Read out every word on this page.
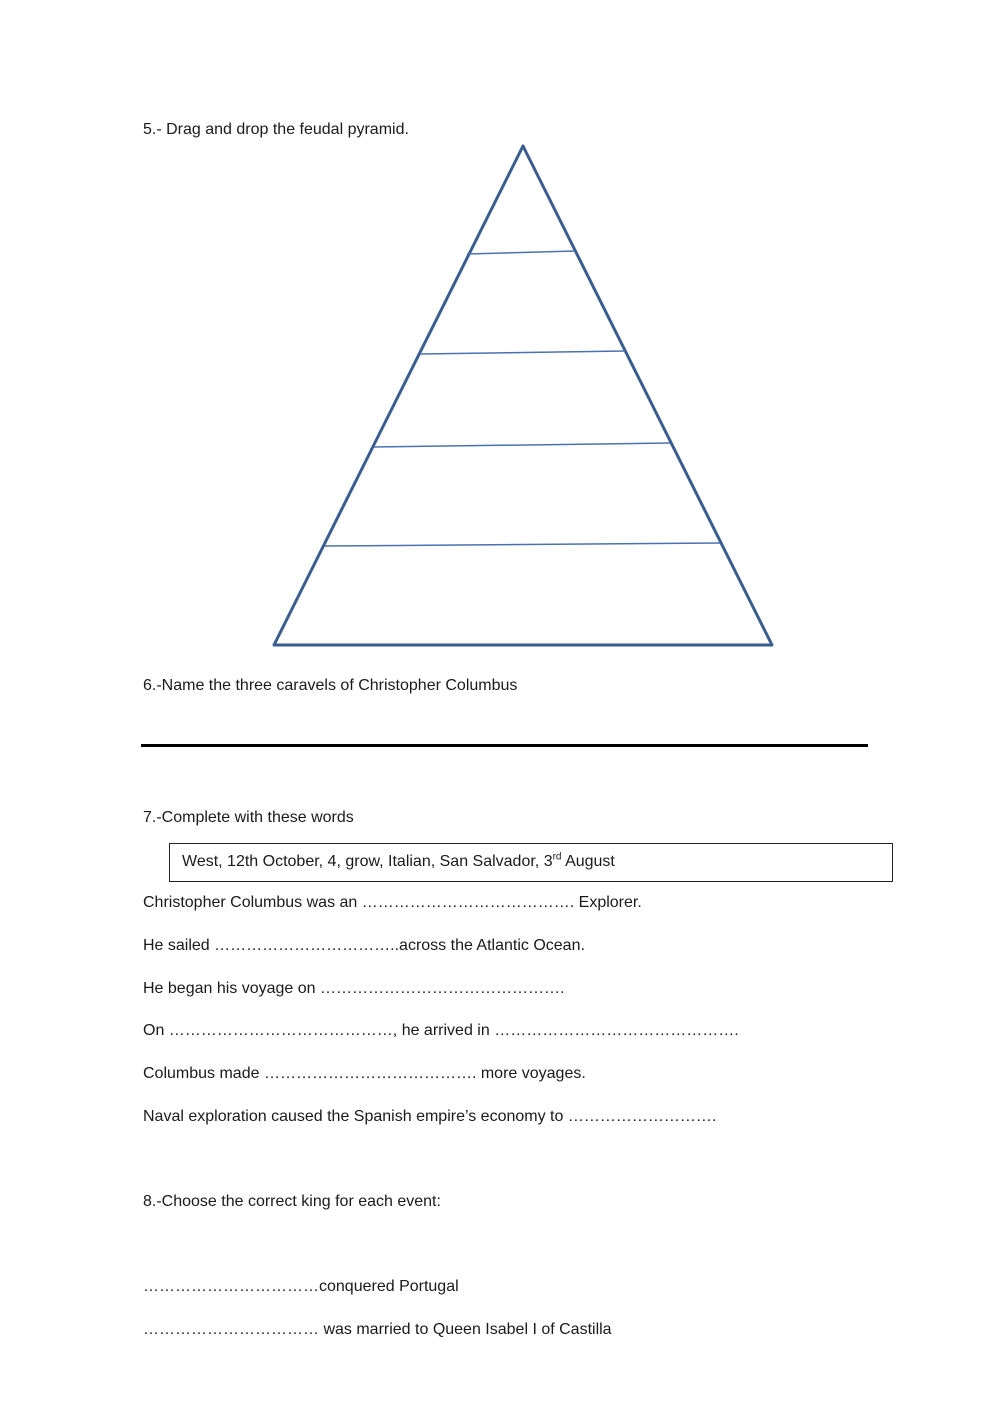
5.- Drag and drop the feudal pyramid.
6.-Name the three caravels of Christopher Columbus
7.-Complete with these words
West, 12th October, 4, grow, Italian, San Salvador, 3rd August
Christopher Columbus was an …………………………………. Explorer.
He sailed ……………………………..across the Atlantic Ocean.
He began his voyage on ……………………………………….
On ……………………………………, he arrived in ……………………………………….
Columbus made …………………………………. more voyages.
Naval exploration caused the Spanish empire’s economy to ……………………….
8.-Choose the correct king for each event:
……………………………conquered Portugal
…………………………… was married to Queen Isabel I of Castilla
